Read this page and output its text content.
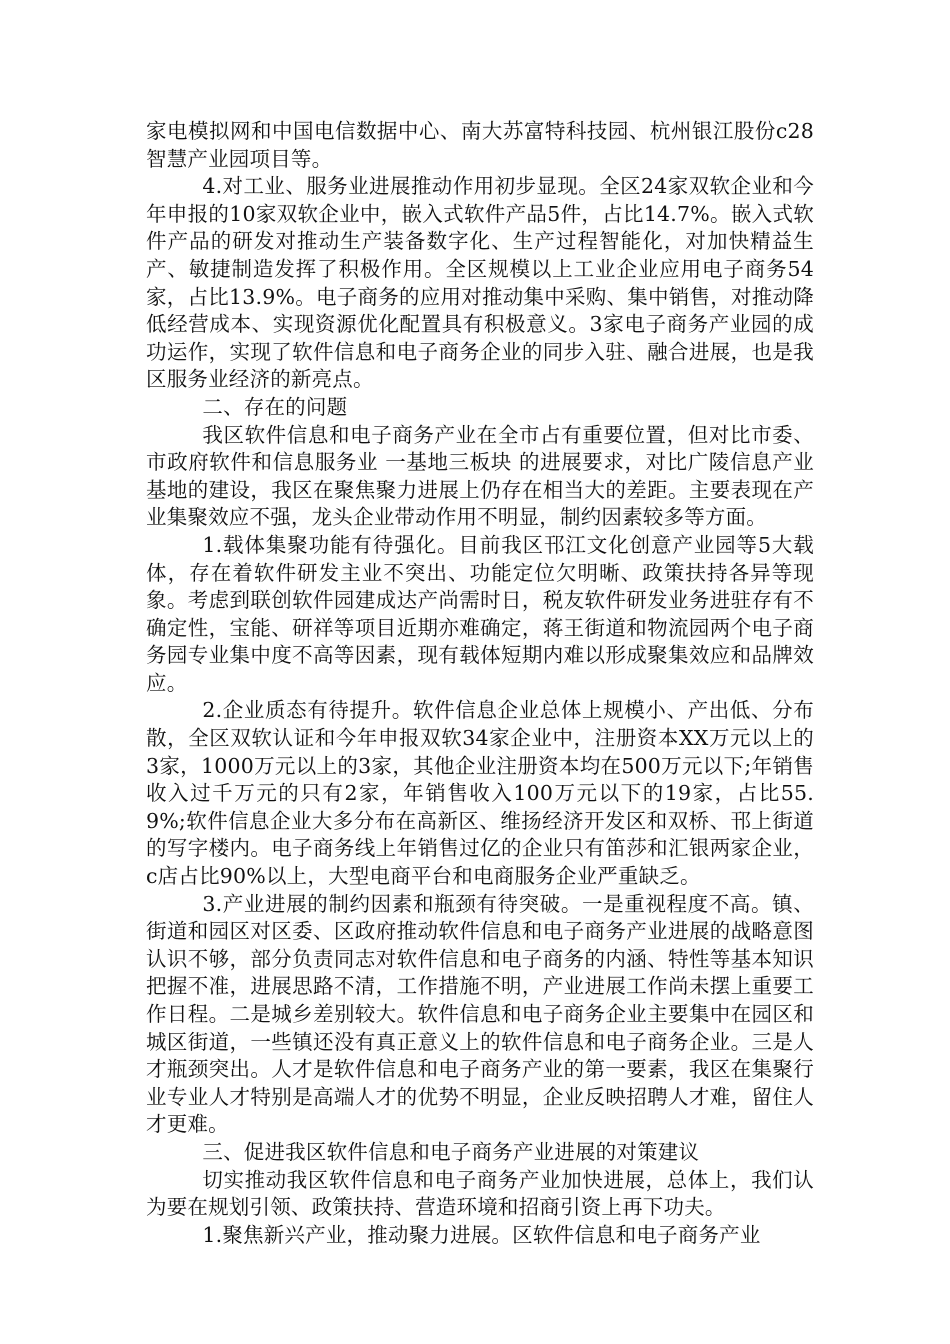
家电模拟网和中国电信数据中心、南大苏富特科技园、杭州银江股份c28智慧产业园项目等。

4.对工业、服务业进展推动作用初步显现。全区24家双软企业和今年申报的10家双软企业中，嵌入式软件产品5件，占比14.7%。嵌入式软件产品的研发对推动生产装备数字化、生产过程智能化，对加快精益生产、敏捷制造发挥了积极作用。全区规模以上工业企业应用电子商务54家，占比13.9%。电子商务的应用对推动集中采购、集中销售，对推动降低经营成本、实现资源优化配置具有积极意义。3家电子商务产业园的成功运作，实现了软件信息和电子商务企业的同步入驻、融合进展，也是我区服务业经济的新亮点。

二、存在的问题

我区软件信息和电子商务产业在全市占有重要位置，但对比市委、市政府软件和信息服务业 一基地三板块 的进展要求，对比广陵信息产业基地的建设，我区在聚焦聚力进展上仍存在相当大的差距。主要表现在产业集聚效应不强，龙头企业带动作用不明显，制约因素较多等方面。

1.载体集聚功能有待强化。目前我区邗江文化创意产业园等5大载体，存在着软件研发主业不突出、功能定位欠明晰、政策扶持各异等现象。考虑到联创软件园建成达产尚需时日，税友软件研发业务进驻存有不确定性，宝能、研祥等项目近期亦难确定，蒋王街道和物流园两个电子商务园专业集中度不高等因素，现有载体短期内难以形成聚集效应和品牌效应。

2.企业质态有待提升。软件信息企业总体上规模小、产出低、分布散，全区双软认证和今年申报双软34家企业中，注册资本XX万元以上的3家，1000万元以上的3家，其他企业注册资本均在500万元以下;年销售收入过千万元的只有2家，年销售收入100万元以下的19家，占比55.9%;软件信息企业大多分布在高新区、维扬经济开发区和双桥、邗上街道的写字楼内。电子商务线上年销售过亿的企业只有笛莎和汇银两家企业，c店占比90%以上，大型电商平台和电商服务企业严重缺乏。

3.产业进展的制约因素和瓶颈有待突破。一是重视程度不高。镇、街道和园区对区委、区政府推动软件信息和电子商务产业进展的战略意图认识不够，部分负责同志对软件信息和电子商务的内涵、特性等基本知识把握不准，进展思路不清，工作措施不明，产业进展工作尚未摆上重要工作日程。二是城乡差别较大。软件信息和电子商务企业主要集中在园区和城区街道，一些镇还没有真正意义上的软件信息和电子商务企业。三是人才瓶颈突出。人才是软件信息和电子商务产业的第一要素，我区在集聚行业专业人才特别是高端人才的优势不明显，企业反映招聘人才难，留住人才更难。

三、促进我区软件信息和电子商务产业进展的对策建议

切实推动我区软件信息和电子商务产业加快进展，总体上，我们认为要在规划引领、政策扶持、营造环境和招商引资上再下功夫。

1.聚焦新兴产业，推动聚力进展。区软件信息和电子商务产业
